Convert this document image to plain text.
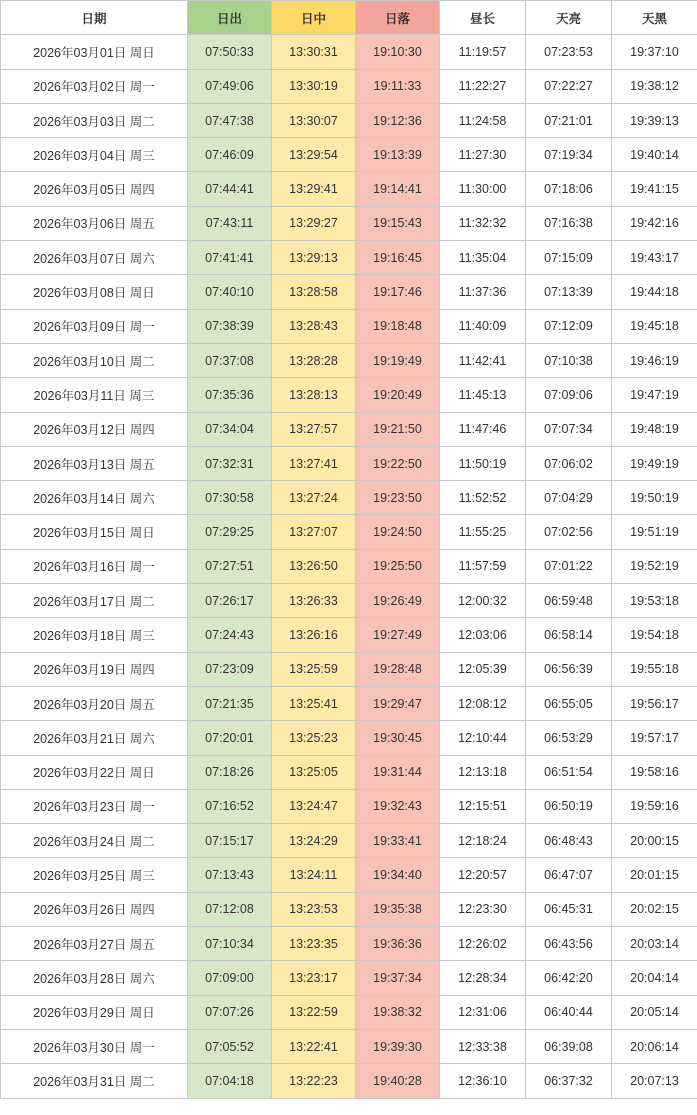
日期	日出	日中	日落	昼长	天亮	天黑
2026年03月01日 周日	07:50:33	13:30:31	19:10:30	11:19:57	07:23:53	19:37:10
2026年03月02日 周一	07:49:06	13:30:19	19:11:33	11:22:27	07:22:27	19:38:12
2026年03月03日 周二	07:47:38	13:30:07	19:12:36	11:24:58	07:21:01	19:39:13
2026年03月04日 周三	07:46:09	13:29:54	19:13:39	11:27:30	07:19:34	19:40:14
2026年03月05日 周四	07:44:41	13:29:41	19:14:41	11:30:00	07:18:06	19:41:15
2026年03月06日 周五	07:43:11	13:29:27	19:15:43	11:32:32	07:16:38	19:42:16
2026年03月07日 周六	07:41:41	13:29:13	19:16:45	11:35:04	07:15:09	19:43:17
2026年03月08日 周日	07:40:10	13:28:58	19:17:46	11:37:36	07:13:39	19:44:18
2026年03月09日 周一	07:38:39	13:28:43	19:18:48	11:40:09	07:12:09	19:45:18
2026年03月10日 周二	07:37:08	13:28:28	19:19:49	11:42:41	07:10:38	19:46:19
2026年03月11日 周三	07:35:36	13:28:13	19:20:49	11:45:13	07:09:06	19:47:19
2026年03月12日 周四	07:34:04	13:27:57	19:21:50	11:47:46	07:07:34	19:48:19
2026年03月13日 周五	07:32:31	13:27:41	19:22:50	11:50:19	07:06:02	19:49:19
2026年03月14日 周六	07:30:58	13:27:24	19:23:50	11:52:52	07:04:29	19:50:19
2026年03月15日 周日	07:29:25	13:27:07	19:24:50	11:55:25	07:02:56	19:51:19
2026年03月16日 周一	07:27:51	13:26:50	19:25:50	11:57:59	07:01:22	19:52:19
2026年03月17日 周二	07:26:17	13:26:33	19:26:49	12:00:32	06:59:48	19:53:18
2026年03月18日 周三	07:24:43	13:26:16	19:27:49	12:03:06	06:58:14	19:54:18
2026年03月19日 周四	07:23:09	13:25:59	19:28:48	12:05:39	06:56:39	19:55:18
2026年03月20日 周五	07:21:35	13:25:41	19:29:47	12:08:12	06:55:05	19:56:17
2026年03月21日 周六	07:20:01	13:25:23	19:30:45	12:10:44	06:53:29	19:57:17
2026年03月22日 周日	07:18:26	13:25:05	19:31:44	12:13:18	06:51:54	19:58:16
2026年03月23日 周一	07:16:52	13:24:47	19:32:43	12:15:51	06:50:19	19:59:16
2026年03月24日 周二	07:15:17	13:24:29	19:33:41	12:18:24	06:48:43	20:00:15
2026年03月25日 周三	07:13:43	13:24:11	19:34:40	12:20:57	06:47:07	20:01:15
2026年03月26日 周四	07:12:08	13:23:53	19:35:38	12:23:30	06:45:31	20:02:15
2026年03月27日 周五	07:10:34	13:23:35	19:36:36	12:26:02	06:43:56	20:03:14
2026年03月28日 周六	07:09:00	13:23:17	19:37:34	12:28:34	06:42:20	20:04:14
2026年03月29日 周日	07:07:26	13:22:59	19:38:32	12:31:06	06:40:44	20:05:14
2026年03月30日 周一	07:05:52	13:22:41	19:39:30	12:33:38	06:39:08	20:06:14
2026年03月31日 周二	07:04:18	13:22:23	19:40:28	12:36:10	06:37:32	20:07:13
